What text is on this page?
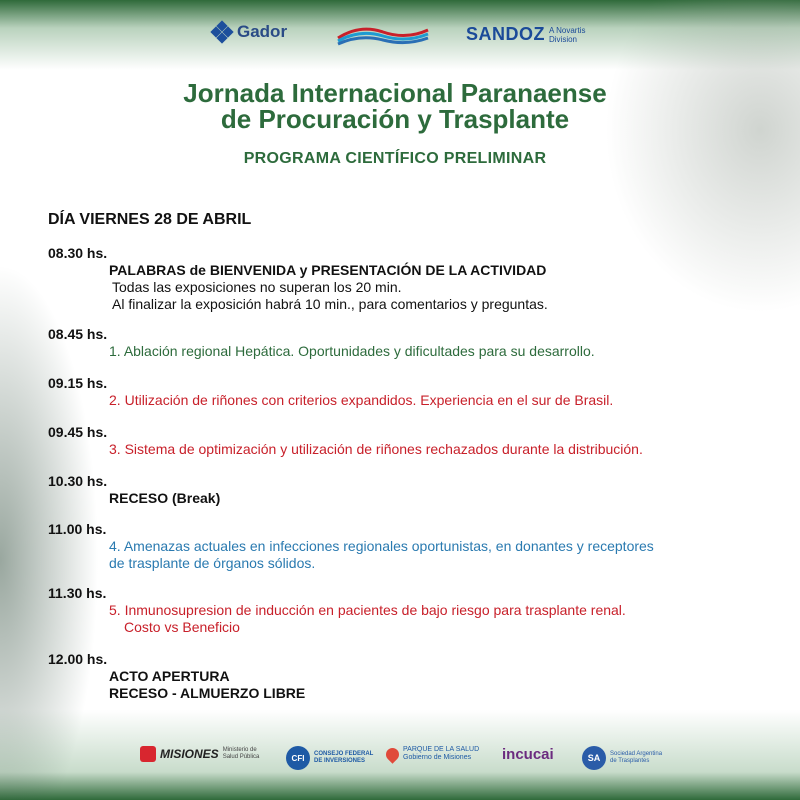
Gador	SANDOZ A Novartis
Division
Jornada Internacional Paranaense
de Procuración y Trasplante
PROGRAMA CIENTÍFICO PRELIMINAR
DÍA VIERNES 28 DE ABRIL
08.30 hs.
PALABRAS de BIENVENIDA y PRESENTACIÓN DE LA ACTIVIDAD
Todas las exposiciones no superan los 20 min.
Al finalizar la exposición habrá 10 min., para comentarios y preguntas.
08.45 hs.
1. Ablación regional Hepática. Oportunidades y dificultades para su desarrollo.
09.15 hs.
2. Utilización de riñones con criterios expandidos. Experiencia en el sur de Brasil.
09.45 hs.
3. Sistema de optimización y utilización de riñones rechazados durante la distribución.
10.30 hs.
RECESO (Break)
11.00 hs.
4. Amenazas actuales en infecciones regionales oportunistas, en donantes y receptores
de trasplante de órganos sólidos.
11.30 hs.
5. Inmunosupresion de inducción en pacientes de bajo riesgo para trasplante renal.
Costo vs Beneficio
12.00 hs.
ACTO APERTURA
RECESO - ALMUERZO LIBRE
MISIONES Ministerio de Salud Pública	CFI	CONSEJO FEDERAL
DE INVERSIONES
PARQUE DE LA SALUD
Gobierno de Misiones	incucai	SA	Sociedad Argentina
de Trasplantes
